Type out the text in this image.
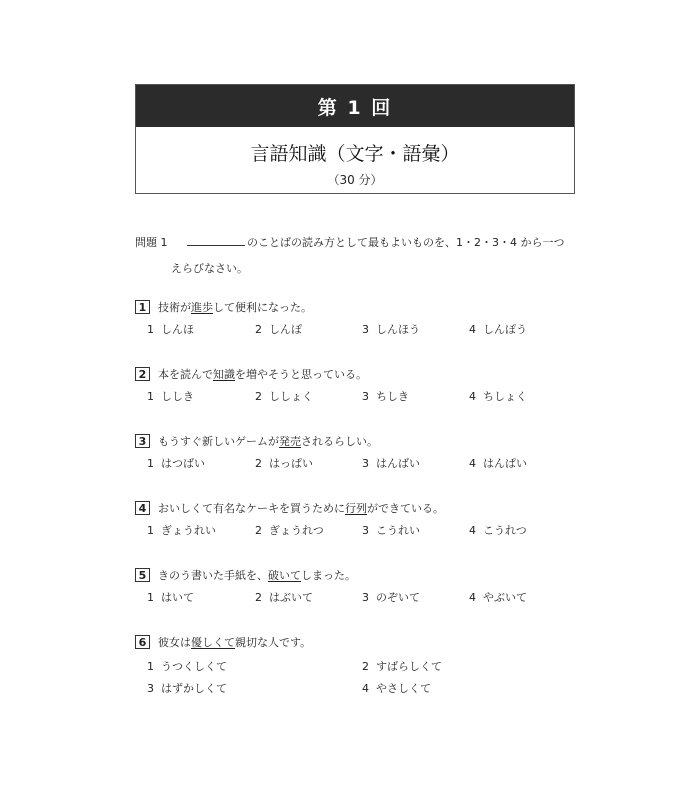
第 1 回
言語知識（文字・語彙）
（30 分）
問題 1	のことばの読み方として最もよいものを、1・2・3・4 から一つ
えらびなさい。
1	技術が 進歩 して便利になった。
1 しんほ	2 しんぽ	3 しんほう	4 しんぽう
2	本を読んで 知識 を増やそうと思っている。
1 ししき	2 ししょく	3 ちしき	4 ちしょく
3	もうすぐ新しいゲームが 発売 されるらしい。
1 はつばい	2 はっぱい	3 はんばい	4 はんぱい
4	おいしくて有名なケーキを買うために 行列 ができている。
1 ぎょうれい	2 ぎょうれつ	3 こうれい	4 こうれつ
5	きのう書いた手紙を、 破いて しまった。
1 はいて	2 はぶいて	3 のぞいて	4 やぶいて
6	彼女は 優しくて 親切な人です。
1 うつくしくて	2 すばらしくて
3 はずかしくて	4 やさしくて
